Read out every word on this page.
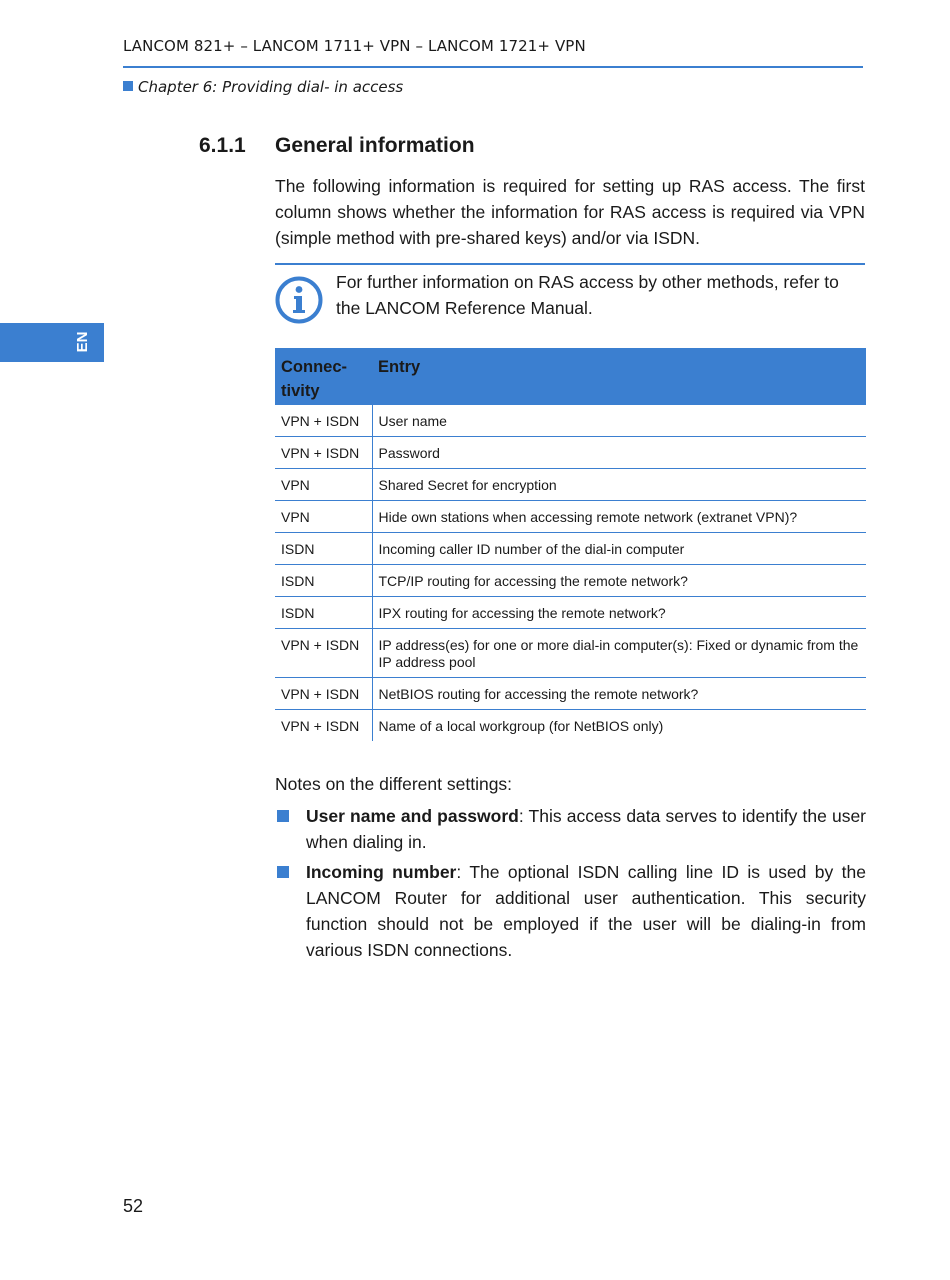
LANCOM 821+ – LANCOM 1711+ VPN – LANCOM 1721+ VPN
Chapter 6: Providing dial- in access
EN
6.1.1 General information

The following information is required for setting up RAS access. The first column shows whether the information for RAS access is required via VPN (simple method with pre-shared keys) and/or via ISDN.

For further information on RAS access by other methods, refer to the LANCOM Reference Manual.

Connec-
tivity	Entry
VPN + ISDN	User name
VPN + ISDN	Password
VPN	Shared Secret for encryption
VPN	Hide own stations when accessing remote network (extranet VPN)?
ISDN	Incoming caller ID number of the dial-in computer
ISDN	TCP/IP routing for accessing the remote network?
ISDN	IPX routing for accessing the remote network?
VPN + ISDN	IP address(es) for one or more dial-in computer(s): Fixed or dynamic from the IP address pool
VPN + ISDN	NetBIOS routing for accessing the remote network?
VPN + ISDN	Name of a local workgroup (for NetBIOS only)

Notes on the different settings:

User name and password: This access data serves to identify the user when dialing in.
Incoming number: The optional ISDN calling line ID is used by the LANCOM Router for additional user authentication. This security function should not be employed if the user will be dialing-in from various ISDN connections.
52
